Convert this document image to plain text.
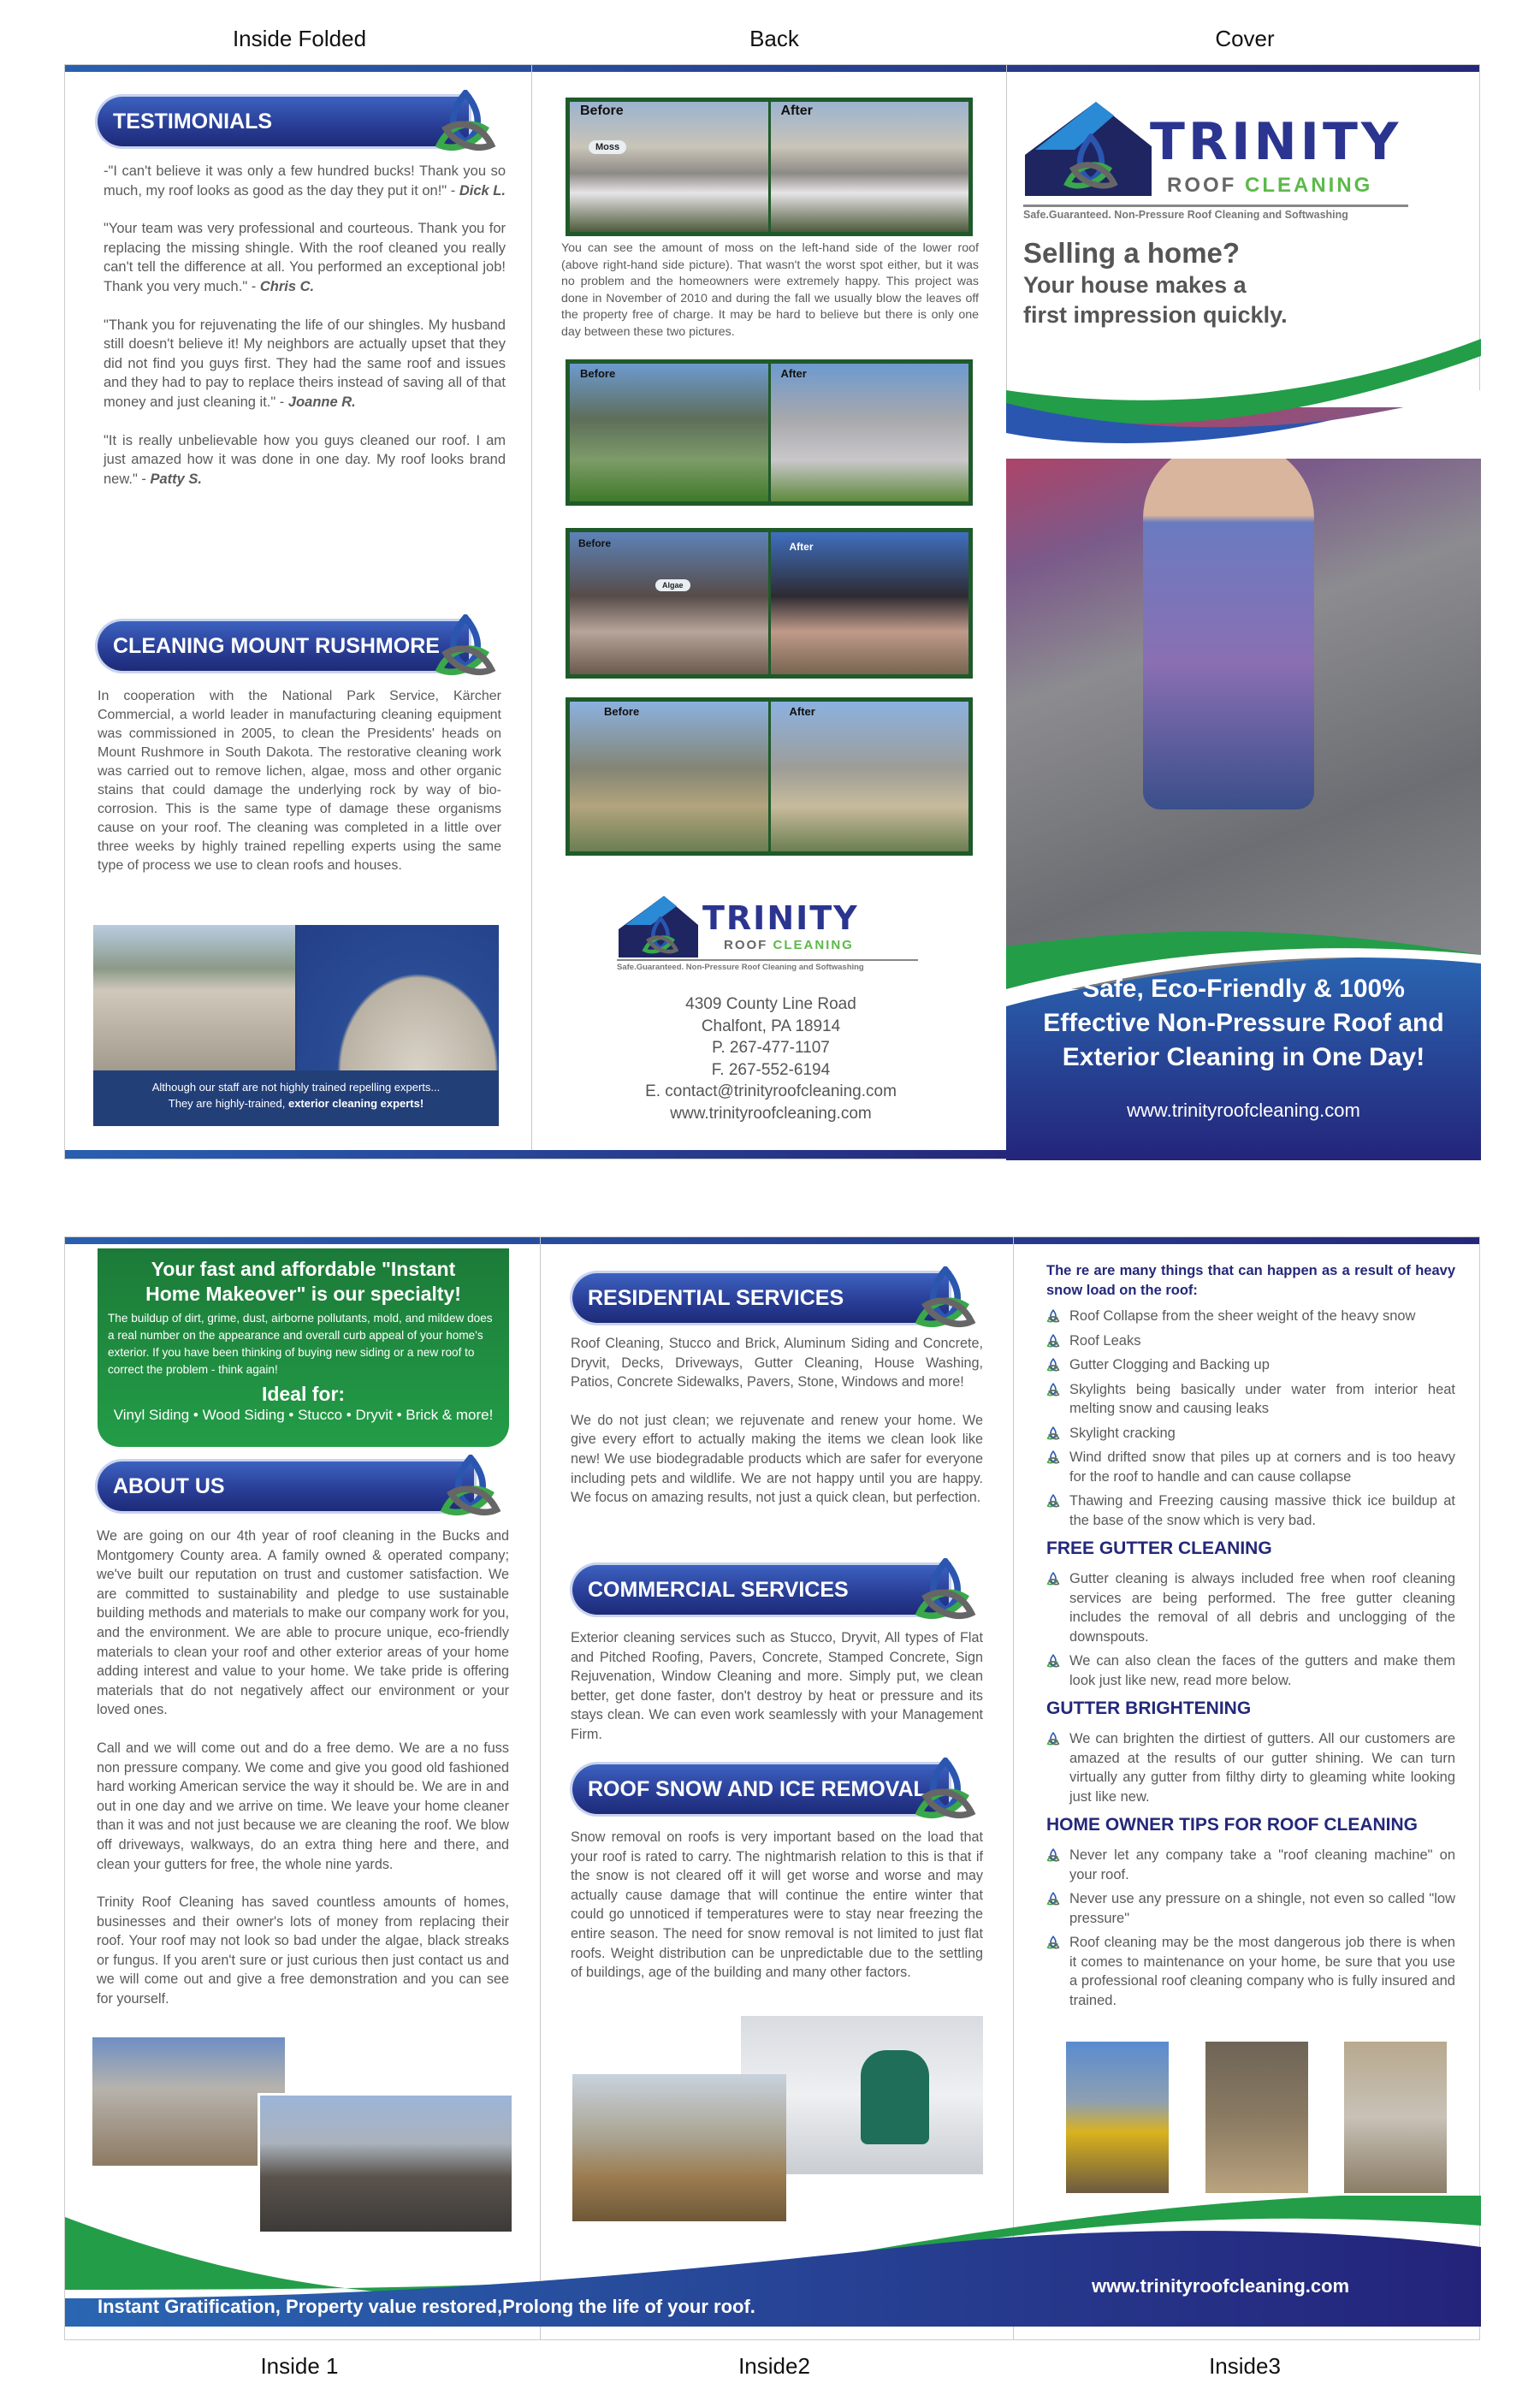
Inside Folded	Back	Cover
Inside 1	Inside2	Inside3
TESTIMONIALS

-"I can't believe it was only a few hundred bucks! Thank you so much, my roof looks as good as the day they put it on!" - Dick L.

"Your team was very professional and courteous. Thank you for replacing the missing shingle. With the roof cleaned you really can't tell the difference at all. You performed an exceptional job! Thank you very much." - Chris C.

"Thank you for rejuvenating the life of our shingles. My husband still doesn't believe it! My neighbors are actually upset that they did not find you guys first. They had the same roof and issues and they had to pay to replace theirs instead of saving all of that money and just cleaning it." - Joanne R.

"It is really unbelievable how you guys cleaned our roof. I am just amazed how it was done in one day. My roof looks brand new." - Patty S.

CLEANING MOUNT RUSHMORE
In cooperation with the National Park Service, Kärcher Commercial, a world leader in manufacturing cleaning equipment was commissioned in 2005, to clean the Presidents' heads on Mount Rushmore in South Dakota. The restorative cleaning work was carried out to remove lichen, algae, moss and other organic stains that could damage the underlying rock by way of bio-corrosion. This is the same type of damage these organisms cause on your roof. The cleaning was completed in a little over three weeks by highly trained repelling experts using the same type of process we use to clean roofs and houses.
Although our staff are not highly trained repelling experts...
They are highly-trained, exterior cleaning experts!
Before
Moss
After
You can see the amount of moss on the left-hand side of the lower roof (above right-hand side picture). That wasn't the worst spot either, but it was no problem and the homeowners were extremely happy. This project was done in November of 2010 and during the fall we usually blow the leaves off the property free of charge. It may be hard to believe but there is only one day between these two pictures.
Before	After
Before
Algae
After
Before	After
TRINITY
ROOF CLEANING
Safe.Guaranteed. Non-Pressure Roof Cleaning and Softwashing
4309 County Line Road
Chalfont, PA 18914
P. 267-477-1107
F. 267-552-6194
E. contact@trinityroofcleaning.com
www.trinityroofcleaning.com
TRINITY
ROOF CLEANING
Safe.Guaranteed. Non-Pressure Roof Cleaning and Softwashing
Selling a home?
Your house makes a
first impression quickly.
Safe, Eco-Friendly & 100%
Effective Non-Pressure Roof and
Exterior Cleaning in One Day!
www.trinityroofcleaning.com
Your fast and affordable "Instant Home Makeover" is our specialty!
The buildup of dirt, grime, dust, airborne pollutants, mold, and mildew does a real number on the appearance and overall curb appeal of your home's exterior. If you have been thinking of buying new siding or a new roof to correct the problem - think again!
Ideal for:
Vinyl Siding • Wood Siding • Stucco • Dryvit • Brick & more!
ABOUT US

We are going on our 4th year of roof cleaning in the Bucks and Montgomery County area. A family owned & operated company; we've built our reputation on trust and customer satisfaction. We are committed to sustainability and pledge to use sustainable building methods and materials to make our company work for you, and the environment. We are able to procure unique, eco-friendly materials to clean your roof and other exterior areas of your home adding interest and value to your home. We take pride is offering materials that do not negatively affect our environment or your loved ones.

Call and we will come out and do a free demo. We are a no fuss non pressure company. We come and give you good old fashioned hard working American service the way it should be. We are in and out in one day and we arrive on time. We leave your home cleaner than it was and not just because we are cleaning the roof. We blow off driveways, walkways, do an extra thing here and there, and clean your gutters for free, the whole nine yards.

Trinity Roof Cleaning has saved countless amounts of homes, businesses and their owner's lots of money from replacing their roof. Your roof may not look so bad under the algae, black streaks or fungus. If you aren't sure or just curious then just contact us and we will come out and give a free demonstration and you can see for yourself.

RESIDENTIAL SERVICES

Roof Cleaning, Stucco and Brick, Aluminum Siding and Concrete, Dryvit, Decks, Driveways, Gutter Cleaning, House Washing, Patios, Concrete Sidewalks, Pavers, Stone, Windows and more!

We do not just clean; we rejuvenate and renew your home. We give every effort to actually making the items we clean look like new! We use biodegradable products which are safer for everyone including pets and wildlife. We are not happy until you are happy. We focus on amazing results, not just a quick clean, but perfection.

COMMERCIAL SERVICES
Exterior cleaning services such as Stucco, Dryvit, All types of Flat and Pitched Roofing, Pavers, Concrete, Stamped Concrete, Sign Rejuvenation, Window Cleaning and more. Simply put, we clean better, get done faster, don't destroy by heat or pressure and its stays clean. We can even work seamlessly with your Management Firm.
ROOF SNOW AND ICE REMOVAL
Snow removal on roofs is very important based on the load that your roof is rated to carry. The nightmarish relation to this is that if the snow is not cleared off it will get worse and worse and may actually cause damage that will continue the entire winter that could go unnoticed if temperatures were to stay near freezing the entire season. The need for snow removal is not limited to just flat roofs. Weight distribution can be unpredictable due to the settling of buildings, age of the building and many other factors.
The re are many things that can happen as a result of heavy snow load on the roof:
Roof Collapse from the sheer weight of the heavy snow
Roof Leaks
Gutter Clogging and Backing up
Skylights being basically under water from interior heat melting snow and causing leaks
Skylight cracking
Wind drifted snow that piles up at corners and is too heavy for the roof to handle and can cause collapse
Thawing and Freezing causing massive thick ice buildup at the base of the snow which is very bad.
FREE GUTTER CLEANING
Gutter cleaning is always included free when roof cleaning services are being performed. The free gutter cleaning includes the removal of all debris and unclogging of the downspouts.
We can also clean the faces of the gutters and make them look just like new, read more below.
GUTTER BRIGHTENING
We can brighten the dirtiest of gutters. All our customers are amazed at the results of our gutter shining. We can turn virtually any gutter from filthy dirty to gleaming white looking just like new.
HOME OWNER TIPS FOR ROOF CLEANING
Never let any company take a "roof cleaning machine" on your roof.
Never use any pressure on a shingle, not even so called "low pressure"
Roof cleaning may be the most dangerous job there is when it comes to maintenance on your home, be sure that you use a professional roof cleaning company who is fully insured and trained.
Instant Gratification, Property value restored,Prolong the life of your roof.
www.trinityroofcleaning.com
